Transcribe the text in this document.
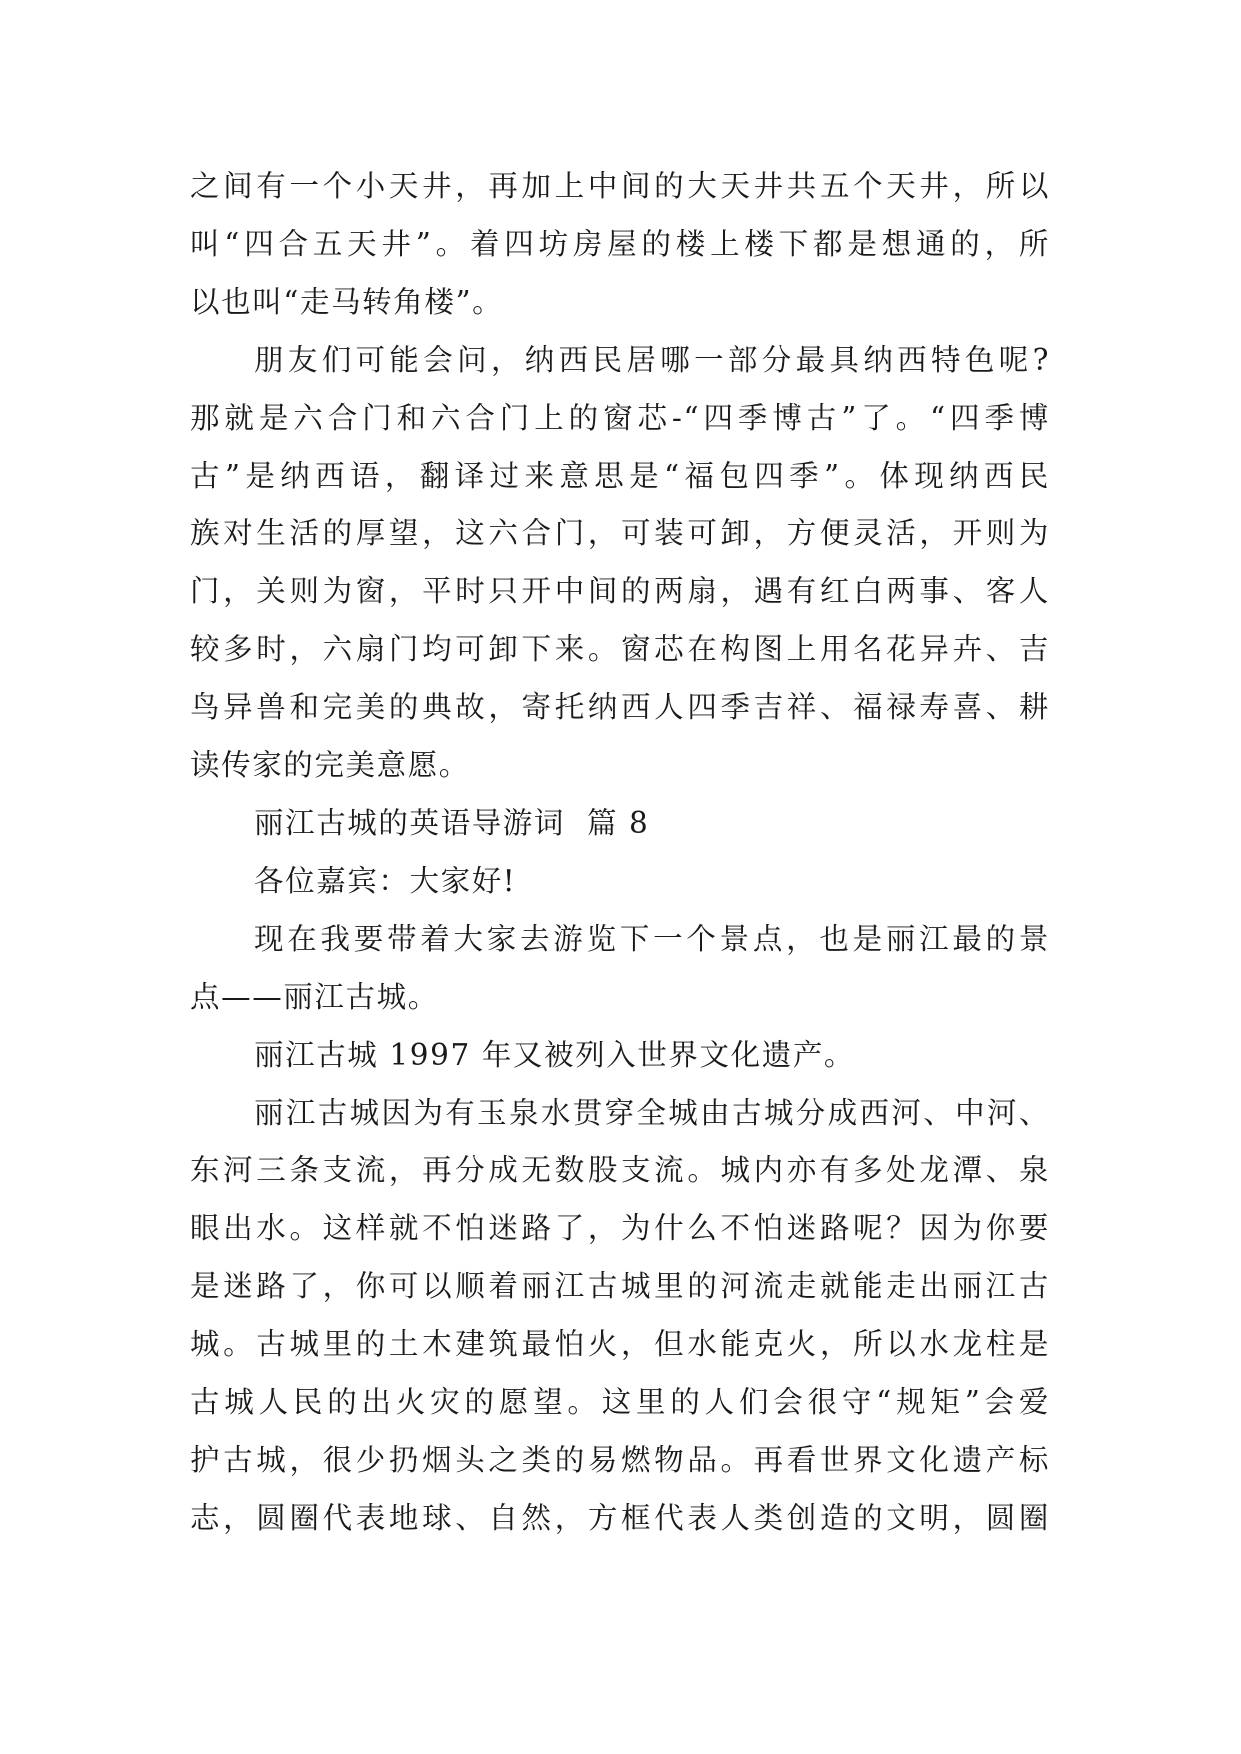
之间有一个小天井，再加上中间的大天井共五个天井，所以
叫“四合五天井”。着四坊房屋的楼上楼下都是想通的，所
以也叫“走马转角楼”。
朋友们可能会问，纳西民居哪一部分最具纳西特色呢?
那就是六合门和六合门上的窗芯-“四季博古”了。“四季博
古”是纳西语，翻译过来意思是“福包四季”。体现纳西民
族对生活的厚望，这六合门，可装可卸，方便灵活，开则为
门，关则为窗，平时只开中间的两扇，遇有红白两事、客人
较多时，六扇门均可卸下来。窗芯在构图上用名花异卉、吉
鸟异兽和完美的典故，寄托纳西人四季吉祥、福禄寿喜、耕
读传家的完美意愿。
丽江古城的英语导游词  篇 8
各位嘉宾：大家好!
现在我要带着大家去游览下一个景点，也是丽江最的景
点——丽江古城。
丽江古城 1997 年又被列入世界文化遗产。
丽江古城因为有玉泉水贯穿全城由古城分成西河、中河、
东河三条支流，再分成无数股支流。城内亦有多处龙潭、泉
眼出水。这样就不怕迷路了，为什么不怕迷路呢？因为你要
是迷路了，你可以顺着丽江古城里的河流走就能走出丽江古
城。古城里的土木建筑最怕火，但水能克火，所以水龙柱是
古城人民的出火灾的愿望。这里的人们会很守“规矩”会爱
护古城，很少扔烟头之类的易燃物品。再看世界文化遗产标
志，圆圈代表地球、自然，方框代表人类创造的文明，圆圈
